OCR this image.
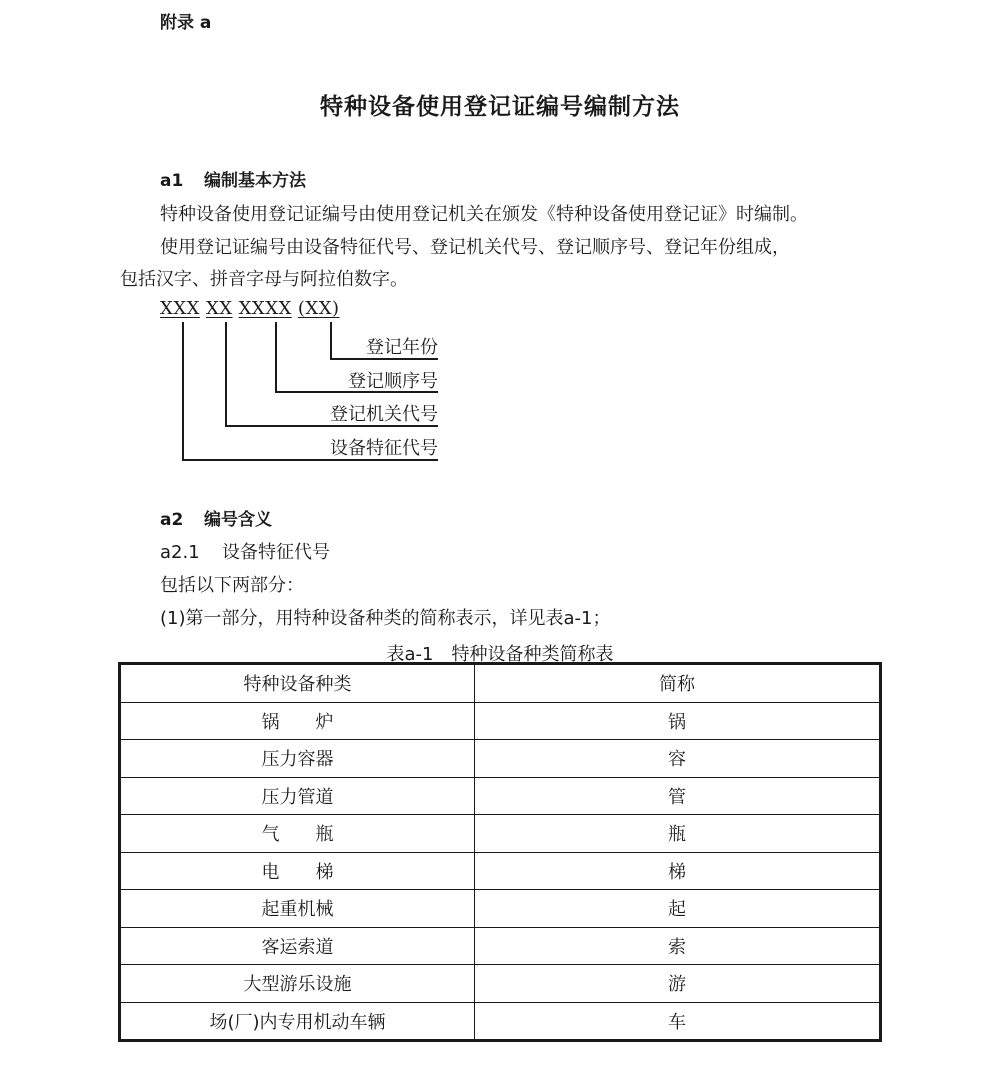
附录 a
特种设备使用登记证编号编制方法
a1 编制基本方法
特种设备使用登记证编号由使用登记机关在颁发《特种设备使用登记证》时编制。
使用登记证编号由设备特征代号、登记机关代号、登记顺序号、登记年份组成，
包括汉字、拼音字母与阿拉伯数字。
XXX XX XXXX (XX)
登记年份
登记顺序号
登记机关代号
设备特征代号
a2 编号含义
a2.1 设备特征代号
包括以下两部分：
(1)第一部分，用特种设备种类的简称表示，详见表a-1；
表a-1　特种设备种类简称表
特种设备种类	简称
锅　　炉	锅
压力容器	容
压力管道	管
气　　瓶	瓶
电　　梯	梯
起重机械	起
客运索道	索
大型游乐设施	游
场(厂)内专用机动车辆	车
